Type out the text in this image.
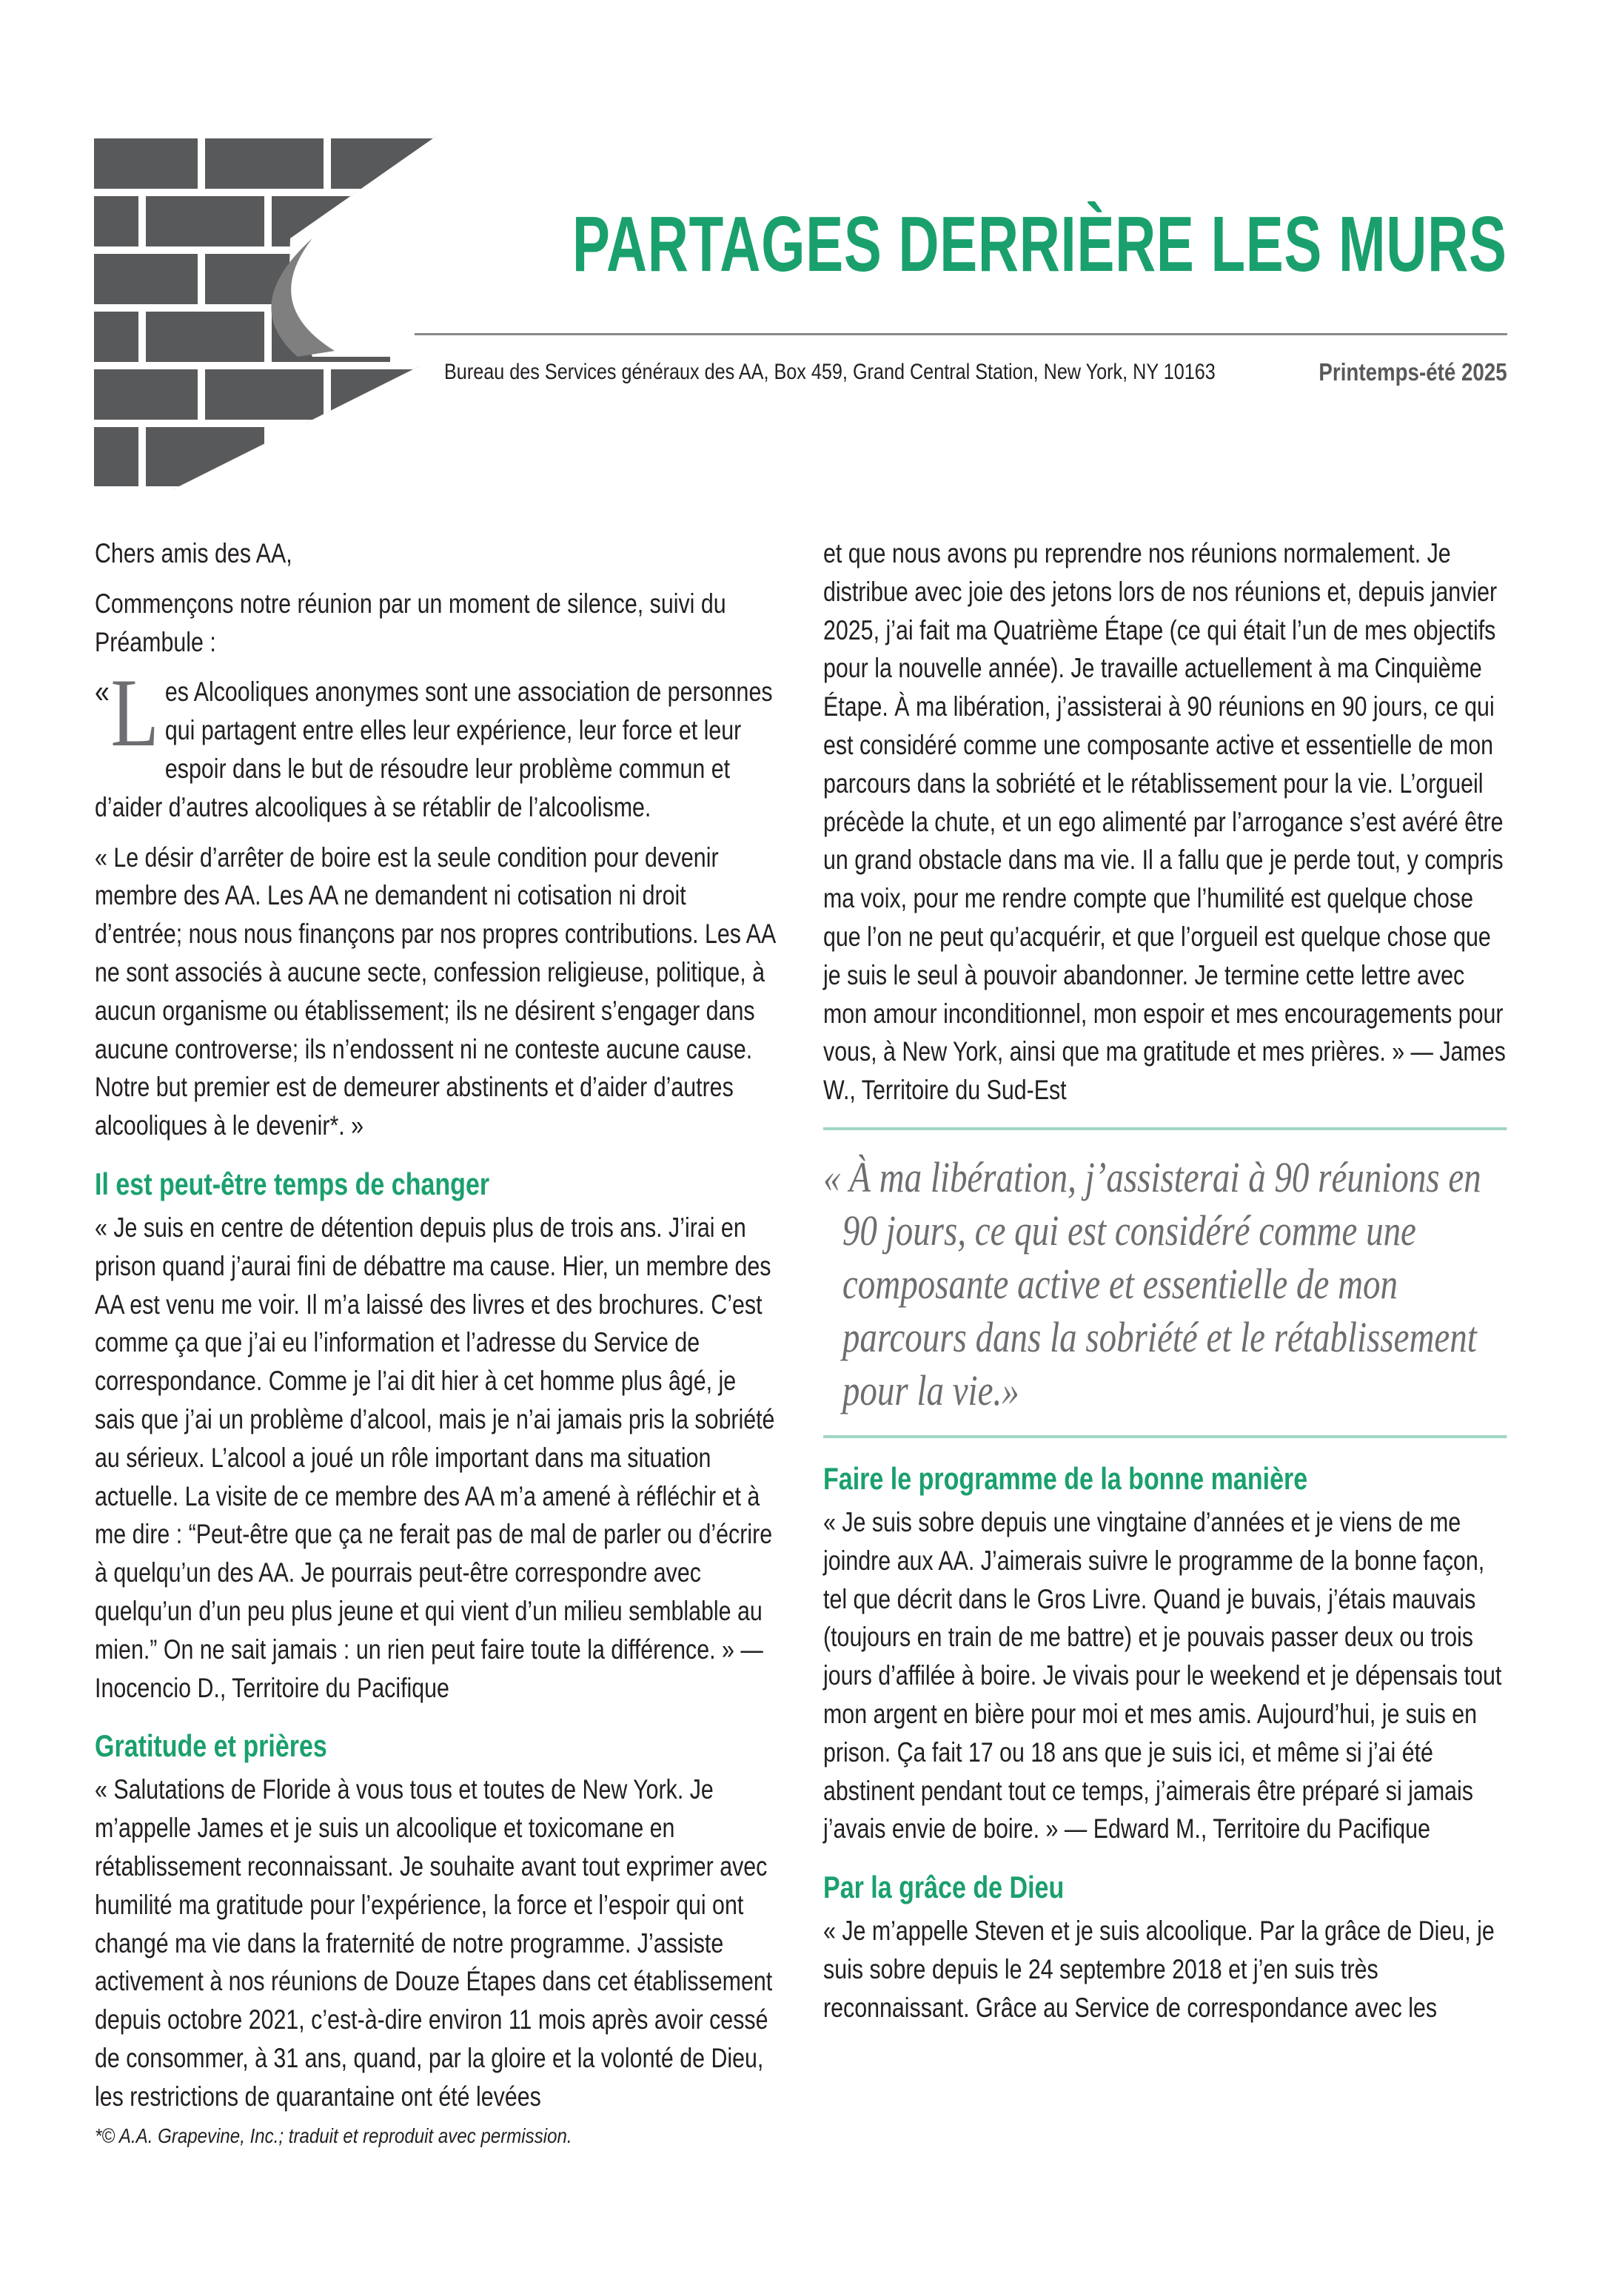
PARTAGES DERRIÈRE LES MURS
Bureau des Services généraux des AA, Box 459, Grand Central Station, New York, NY 10163	Printemps-été 2025

Chers amis des AA,

Commençons notre réunion par un moment de silence, suivi du Préambule :

« L es Alcooliques anonymes sont une association de personnes qui partagent entre elles leur expérience, leur force et leur espoir dans le but de résoudre leur problème commun et d’aider d’autres alcooliques à se rétablir de l’alcoolisme.

« Le désir d’arrêter de boire est la seule condition pour devenir membre des AA. Les AA ne demandent ni cotisation ni droit d’entrée; nous nous finançons par nos propres contributions. Les AA ne sont associés à aucune secte, confession religieuse, politique, à aucun organisme ou établissement; ils ne désirent s’engager dans aucune controverse; ils n’endossent ni ne conteste aucune cause. Notre but premier est de demeurer abstinents et d’aider d’autres alcooliques à le devenir*. »

Il est peut-être temps de changer

« Je suis en centre de détention depuis plus de trois ans. J’irai en prison quand j’aurai fini de débattre ma cause. Hier, un membre des AA est venu me voir. Il m’a laissé des livres et des brochures. C’est comme ça que j’ai eu l’information et l’adresse du Service de correspondance. Comme je l’ai dit hier à cet homme plus âgé, je sais que j’ai un problème d’alcool, mais je n’ai jamais pris la sobriété au sérieux. L’alcool a joué un rôle important dans ma situation actuelle. La visite de ce membre des AA m’a amené à réfléchir et à me dire : “Peut-être que ça ne ferait pas de mal de parler ou d’écrire à quelqu’un des AA. Je pourrais peut-être correspondre avec quelqu’un d’un peu plus jeune et qui vient d’un milieu semblable au mien.” On ne sait jamais : un rien peut faire toute la différence. » — Inocencio D., Territoire du Pacifique

Gratitude et prières

« Salutations de Floride à vous tous et toutes de New York. Je m’appelle James et je suis un alcoolique et toxicomane en rétablissement reconnaissant. Je souhaite avant tout exprimer avec humilité ma gratitude pour l’expérience, la force et l’espoir qui ont changé ma vie dans la fraternité de notre programme. J’assiste activement à nos réunions de Douze Étapes dans cet établissement depuis octobre 2021, c’est-à-dire environ 11 mois après avoir cessé de consommer, à 31 ans, quand, par la gloire et la volonté de Dieu, les restrictions de quarantaine ont été levées

et que nous avons pu reprendre nos réunions normalement. Je distribue avec joie des jetons lors de nos réunions et, depuis janvier 2025, j’ai fait ma Quatrième Étape (ce qui était l’un de mes objectifs pour la nouvelle année). Je travaille actuellement à ma Cinquième Étape. À ma libération, j’assisterai à 90 réunions en 90 jours, ce qui est considéré comme une composante active et essentielle de mon parcours dans la sobriété et le rétablissement pour la vie. L’orgueil précède la chute, et un ego alimenté par l’arrogance s’est avéré être un grand obstacle dans ma vie. Il a fallu que je perde tout, y compris ma voix, pour me rendre compte que l’humilité est quelque chose que l’on ne peut qu’acquérir, et que l’orgueil est quelque chose que je suis le seul à pouvoir abandonner. Je termine cette lettre avec mon amour inconditionnel, mon espoir et mes encouragements pour vous, à New York, ainsi que ma gratitude et mes prières. » — James W., Territoire du Sud-Est

« À ma libération, j’assisterai à 90 réunions en 90 jours, ce qui est considéré comme une composante active et essentielle de mon parcours dans la sobriété et le rétablissement pour la vie.»

Faire le programme de la bonne manière

« Je suis sobre depuis une vingtaine d’années et je viens de me joindre aux AA. J’aimerais suivre le programme de la bonne façon, tel que décrit dans le Gros Livre. Quand je buvais, j’étais mauvais (toujours en train de me battre) et je pouvais passer deux ou trois jours d’affilée à boire. Je vivais pour le weekend et je dépensais tout mon argent en bière pour moi et mes amis. Aujourd’hui, je suis en prison. Ça fait 17 ou 18 ans que je suis ici, et même si j’ai été abstinent pendant tout ce temps, j’aimerais être préparé si jamais j’avais envie de boire. » — Edward M., Territoire du Pacifique

Par la grâce de Dieu

« Je m’appelle Steven et je suis alcoolique. Par la grâce de Dieu, je suis sobre depuis le 24 septembre 2018 et j’en suis très reconnaissant. Grâce au Service de correspondance avec les

*© A.A. Grapevine, Inc.; traduit et reproduit avec permission.
